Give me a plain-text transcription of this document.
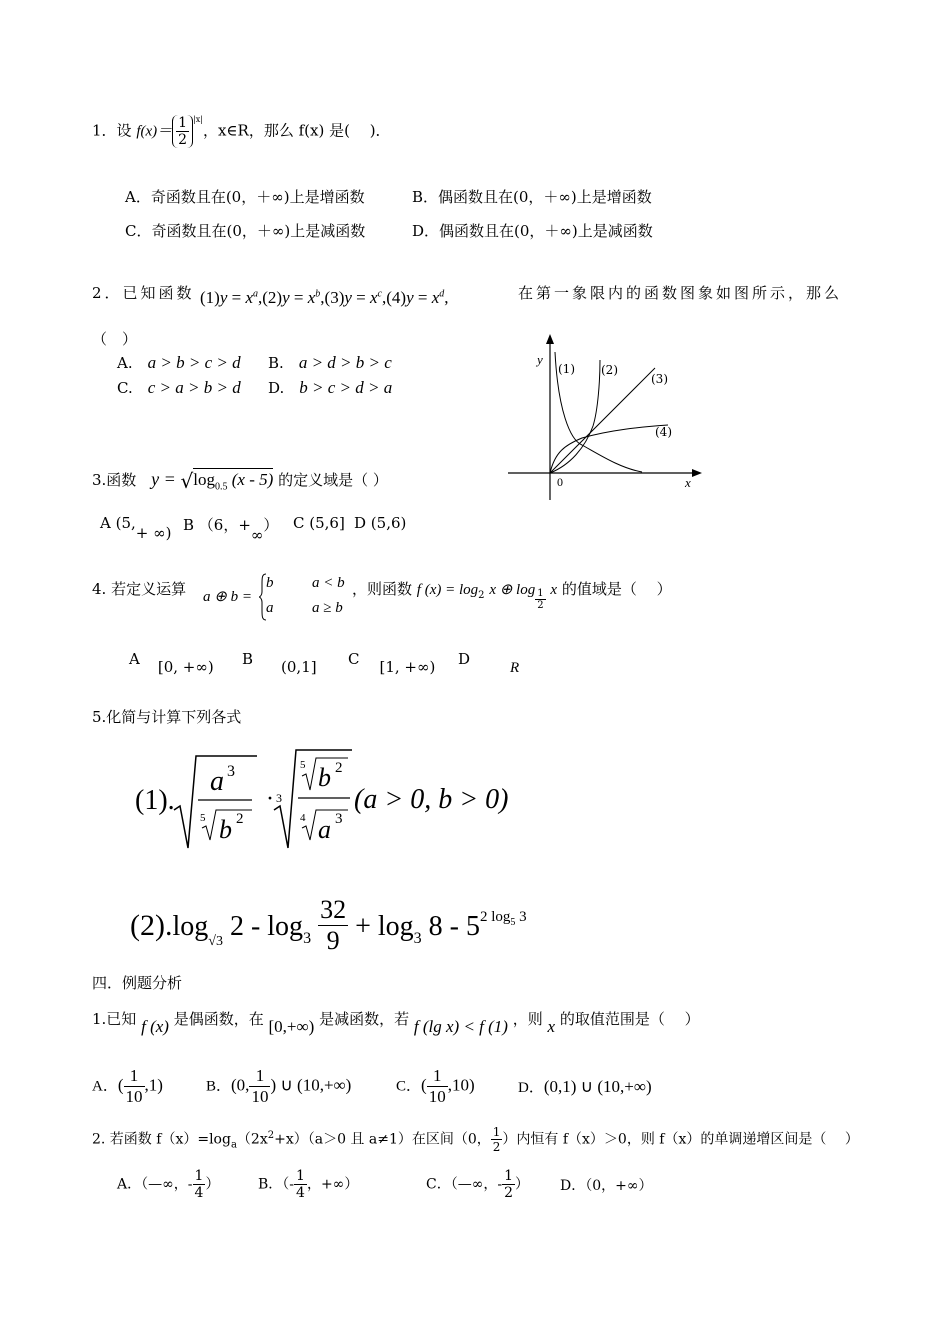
1．设 $f(x)= \frac{1}{2} ^{|x|}$，x∈R，那么 f(x) 是(　 )．
A．奇函数且在(0，＋∞)上是增函数	B．偶函数且在(0，＋∞)上是增函数
C．奇函数且在(0，＋∞)上是减函数	D．偶函数且在(0，＋∞)上是减函数
2．已知函数 $(1)y = x^a,(2)y = x^b,(3)y = x^c,(4)y = x^d$,	在第一象限内的函数图象如图所示，那么
（　）
A.　 a > b > c > d B.　 a > d > b > c
C.　 c > a > b > d D.　 b > c > d > a
y
x
0
(1) (2)
(3)
(4)
3.函数 $y = √\log_{0.5}$ (x - 5) 的定义域是（ ）
A (5,+ ∞) B （6，+∞） C (5,6] D (5,6)
4. 若定义运算 a ⊕ b =
b	a < b
a	a ≥ b
，则函数 f $(x) = \log_2 x$ ⊕ $\log \frac{1}{2}$ x 的值域是（　 ）
A [0, +∞) B (0,1] C [1, +∞) D	R
5.化简与计算下列各式
(1).
a 3
5 b 2
· 3
5 b 2
4 a 3
(a > 0, b > 0)
$(2).\log_{√3}$ $2 - \log_3 \frac{32}{9} + \log_3 8 - 5^{2 log_5 3}$
四．例题分析
1.已知 f (x) 是偶函数，在 [0,+∞) 是减函数，若 f (lg x) < f (1) ，则 x 的取值范围是（　 ）
A．( $\frac{1}{10} ,1$)	B．(0, $\frac{1}{10}$ ) ∪ (10,+∞)	C．( $\frac{1}{10} ,10$)	D．(0,1) ∪ (10,+∞)
2. 若函数 $f(x)=\log_a(2x^2+x)(a>0$ 且 a≠1）在区间（0， $\frac{1}{2}$ ）内恒有 f（x）＞0，则 f（x）的单调递增区间是（　 ）
A．（—∞，- $\frac{1}{4}$ ）	B．（- $\frac{1}{4}$ ，+∞）	C．（—∞，- $\frac{1}{2}$ ） D．（0，+∞）
